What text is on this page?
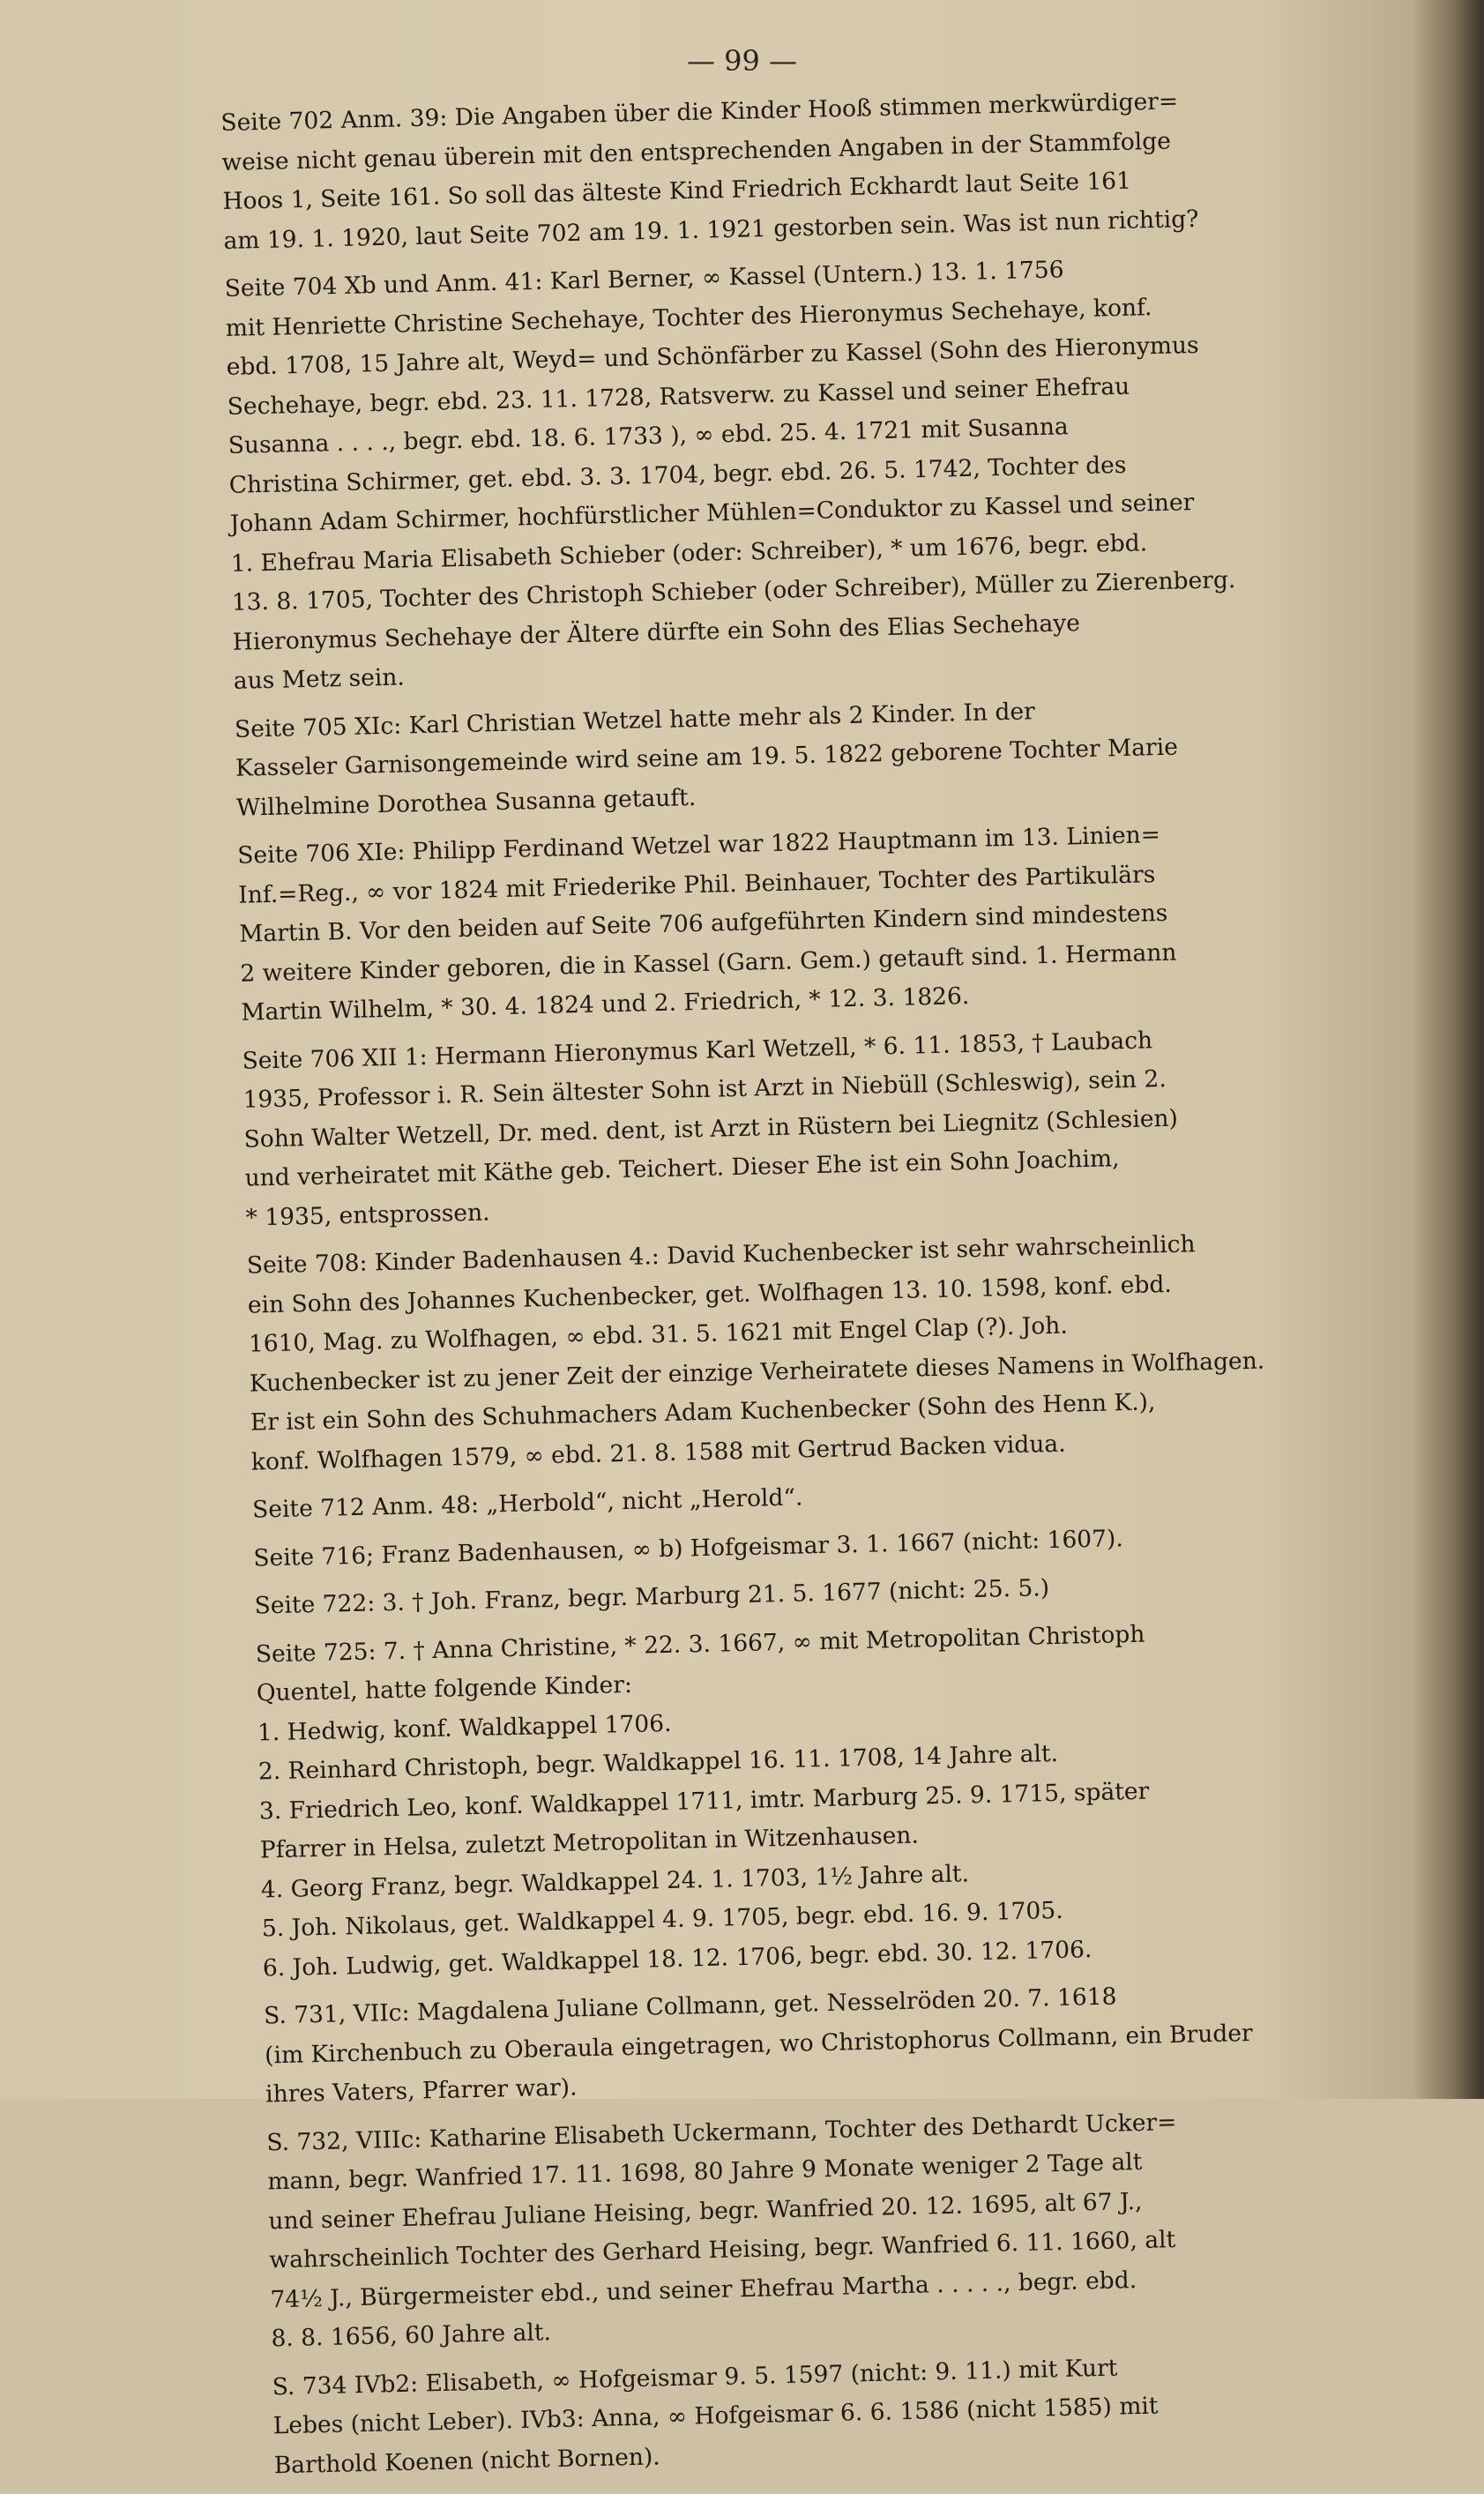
— 99 —
Seite 702 Anm. 39: Die Angaben über die Kinder Hooß stimmen merkwürdiger=
weise nicht genau überein mit den entsprechenden Angaben in der Stammfolge
Hoos 1, Seite 161. So soll das älteste Kind Friedrich Eckhardt laut Seite 161
am 19. 1. 1920, laut Seite 702 am 19. 1. 1921 gestorben sein. Was ist nun richtig?
Seite 704 Xb und Anm. 41: Karl Berner, ∞ Kassel (Untern.) 13. 1. 1756
mit Henriette Christine Sechehaye, Tochter des Hieronymus Sechehaye, konf.
ebd. 1708, 15 Jahre alt, Weyd= und Schönfärber zu Kassel (Sohn des Hieronymus
Sechehaye, begr. ebd. 23. 11. 1728, Ratsverw. zu Kassel und seiner Ehefrau
Susanna . . . ., begr. ebd. 18. 6. 1733 ), ∞ ebd. 25. 4. 1721 mit Susanna
Christina Schirmer, get. ebd. 3. 3. 1704, begr. ebd. 26. 5. 1742, Tochter des
Johann Adam Schirmer, hochfürstlicher Mühlen=Conduktor zu Kassel und seiner
1. Ehefrau Maria Elisabeth Schieber (oder: Schreiber), * um 1676, begr. ebd.
13. 8. 1705, Tochter des Christoph Schieber (oder Schreiber), Müller zu Zierenberg.
Hieronymus Sechehaye der Ältere dürfte ein Sohn des Elias Sechehaye
aus Metz sein.
Seite 705 XIc: Karl Christian Wetzel hatte mehr als 2 Kinder. In der
Kasseler Garnisongemeinde wird seine am 19. 5. 1822 geborene Tochter Marie
Wilhelmine Dorothea Susanna getauft.
Seite 706 XIe: Philipp Ferdinand Wetzel war 1822 Hauptmann im 13. Linien=
Inf.=Reg., ∞ vor 1824 mit Friederike Phil. Beinhauer, Tochter des Partikulärs
Martin B. Vor den beiden auf Seite 706 aufgeführten Kindern sind mindestens
2 weitere Kinder geboren, die in Kassel (Garn. Gem.) getauft sind. 1. Hermann
Martin Wilhelm, * 30. 4. 1824 und 2. Friedrich, * 12. 3. 1826.
Seite 706 XII 1: Hermann Hieronymus Karl Wetzell, * 6. 11. 1853, † Laubach
1935, Professor i. R. Sein ältester Sohn ist Arzt in Niebüll (Schleswig), sein 2.
Sohn Walter Wetzell, Dr. med. dent, ist Arzt in Rüstern bei Liegnitz (Schlesien)
und verheiratet mit Käthe geb. Teichert. Dieser Ehe ist ein Sohn Joachim,
* 1935, entsprossen.
Seite 708: Kinder Badenhausen 4.: David Kuchenbecker ist sehr wahrscheinlich
ein Sohn des Johannes Kuchenbecker, get. Wolfhagen 13. 10. 1598, konf. ebd.
1610, Mag. zu Wolfhagen, ∞ ebd. 31. 5. 1621 mit Engel Clap (?). Joh.
Kuchenbecker ist zu jener Zeit der einzige Verheiratete dieses Namens in Wolfhagen.
Er ist ein Sohn des Schuhmachers Adam Kuchenbecker (Sohn des Henn K.),
konf. Wolfhagen 1579, ∞ ebd. 21. 8. 1588 mit Gertrud Backen vidua.
Seite 712 Anm. 48: „Herbold“, nicht „Herold“.
Seite 716; Franz Badenhausen, ∞ b) Hofgeismar 3. 1. 1667 (nicht: 1607).
Seite 722: 3. † Joh. Franz, begr. Marburg 21. 5. 1677 (nicht: 25. 5.)
Seite 725: 7. † Anna Christine, * 22. 3. 1667, ∞ mit Metropolitan Christoph
Quentel, hatte folgende Kinder:
1. Hedwig, konf. Waldkappel 1706.
2. Reinhard Christoph, begr. Waldkappel 16. 11. 1708, 14 Jahre alt.
3. Friedrich Leo, konf. Waldkappel 1711, imtr. Marburg 25. 9. 1715, später
Pfarrer in Helsa, zuletzt Metropolitan in Witzenhausen.
4. Georg Franz, begr. Waldkappel 24. 1. 1703, 1½ Jahre alt.
5. Joh. Nikolaus, get. Waldkappel 4. 9. 1705, begr. ebd. 16. 9. 1705.
6. Joh. Ludwig, get. Waldkappel 18. 12. 1706, begr. ebd. 30. 12. 1706.
S. 731, VIIc: Magdalena Juliane Collmann, get. Nesselröden 20. 7. 1618
(im Kirchenbuch zu Oberaula eingetragen, wo Christophorus Collmann, ein Bruder
ihres Vaters, Pfarrer war).
S. 732, VIIIc: Katharine Elisabeth Uckermann, Tochter des Dethardt Ucker=
mann, begr. Wanfried 17. 11. 1698, 80 Jahre 9 Monate weniger 2 Tage alt
und seiner Ehefrau Juliane Heising, begr. Wanfried 20. 12. 1695, alt 67 J.,
wahrscheinlich Tochter des Gerhard Heising, begr. Wanfried 6. 11. 1660, alt
74½ J., Bürgermeister ebd., und seiner Ehefrau Martha . . . . ., begr. ebd.
8. 8. 1656, 60 Jahre alt.
S. 734 IVb2: Elisabeth, ∞ Hofgeismar 9. 5. 1597 (nicht: 9. 11.) mit Kurt
Lebes (nicht Leber). IVb3: Anna, ∞ Hofgeismar 6. 6. 1586 (nicht 1585) mit
Barthold Koenen (nicht Bornen).
